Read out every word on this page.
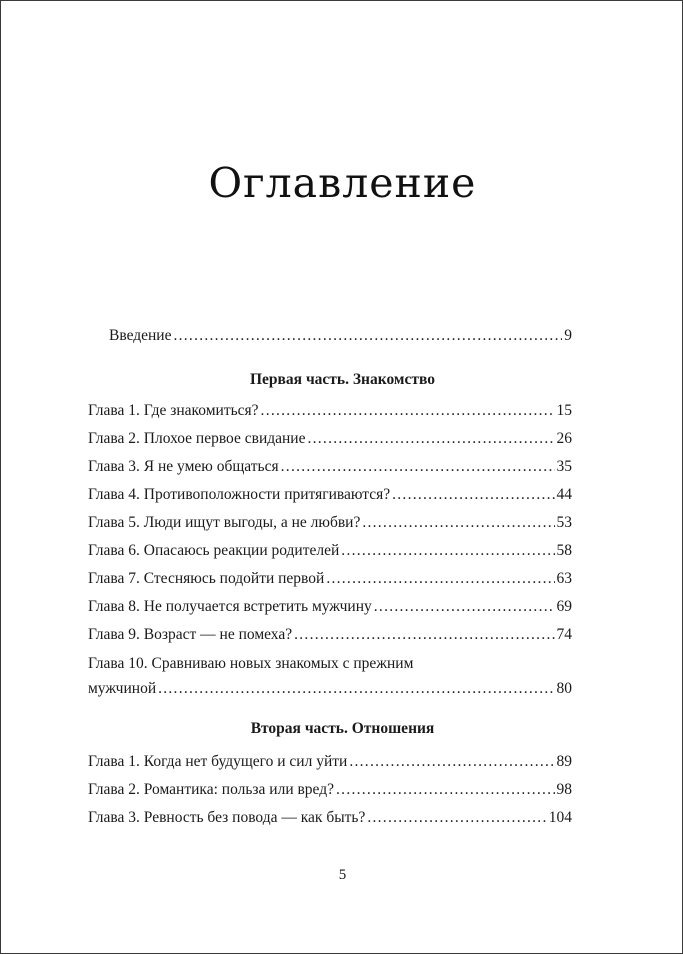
Оглавление
Введение . . .	9
Первая часть. Знакомство
Глава 1. Где знакомиться? . . .	15
Глава 2. Плохое первое свидание . . .	26
Глава 3. Я не умею общаться . . .	35
Глава 4. Противоположности притягиваются? . . .	44
Глава 5. Люди ищут выгоды, а не любви? . . .	53
Глава 6. Опасаюсь реакции родителей . . .	58
Глава 7. Стесняюсь подойти первой . . .	63
Глава 8. Не получается встретить мужчину . . .	69
Глава 9. Возраст — не помеха? . . .	74
Глава 10. Сравниваю новых знакомых с прежним
мужчиной . . .	80
Вторая часть. Отношения
Глава 1. Когда нет будущего и сил уйти . . .	89
Глава 2. Романтика: польза или вред? . . .	98
Глава 3. Ревность без повода — как быть? . . .	104
5
